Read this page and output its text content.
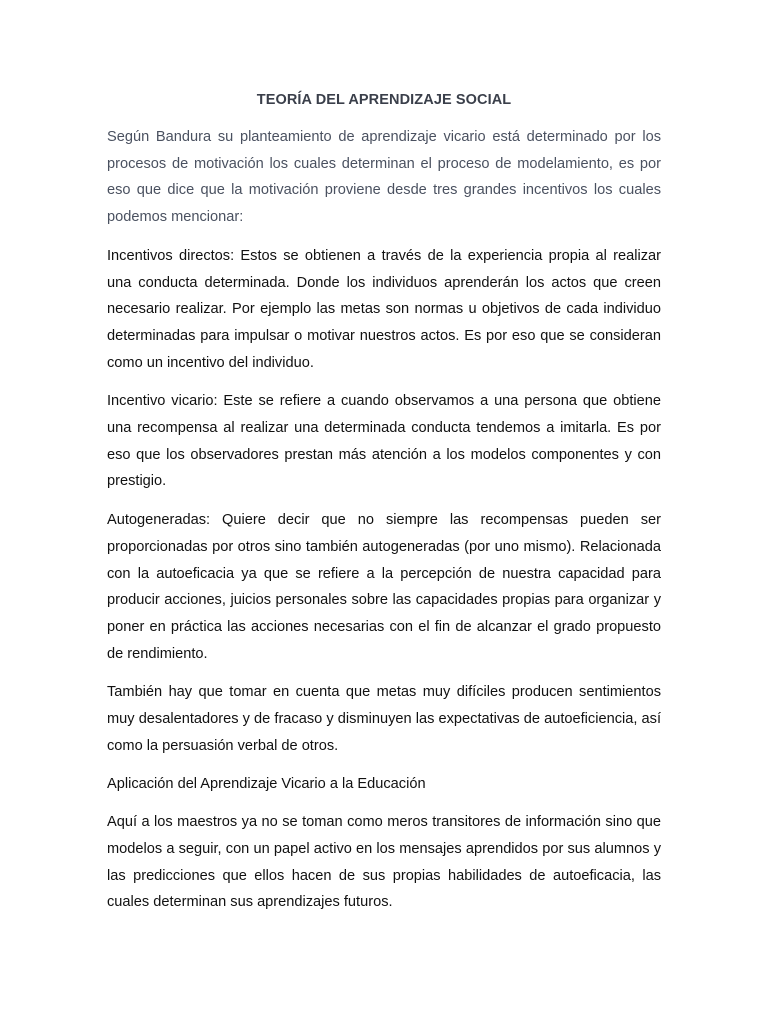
TEORÍA DEL APRENDIZAJE SOCIAL

Según Bandura su planteamiento de aprendizaje vicario está determinado por los procesos de motivación los cuales determinan el proceso de modelamiento, es por eso que dice que la motivación proviene desde tres grandes incentivos los cuales podemos mencionar:

Incentivos directos: Estos se obtienen a través de la experiencia propia al realizar una conducta determinada. Donde los individuos aprenderán los actos que creen necesario realizar. Por ejemplo las metas son normas u objetivos de cada individuo determinadas para impulsar o motivar nuestros actos. Es por eso que se consideran como un incentivo del individuo.

Incentivo vicario: Este se refiere a cuando observamos a una persona que obtiene una recompensa al realizar una determinada conducta tendemos a imitarla. Es por eso que los observadores prestan más atención a los modelos componentes y con prestigio.

Autogeneradas: Quiere decir que no siempre las recompensas pueden ser proporcionadas por otros sino también autogeneradas (por uno mismo). Relacionada con la autoeficacia ya que se refiere a la percepción de nuestra capacidad para producir acciones, juicios personales sobre las capacidades propias para organizar y poner en práctica las acciones necesarias con el fin de alcanzar el grado propuesto de rendimiento.

También hay que tomar en cuenta que metas muy difíciles producen sentimientos muy desalentadores y de fracaso y disminuyen las expectativas de autoeficiencia, así como la persuasión verbal de otros.

Aplicación del Aprendizaje Vicario a la Educación

Aquí a los maestros ya no se toman como meros transitores de información sino que modelos a seguir, con un papel activo en los mensajes aprendidos por sus alumnos y las predicciones que ellos hacen de sus propias habilidades de autoeficacia, las cuales determinan sus aprendizajes futuros.
